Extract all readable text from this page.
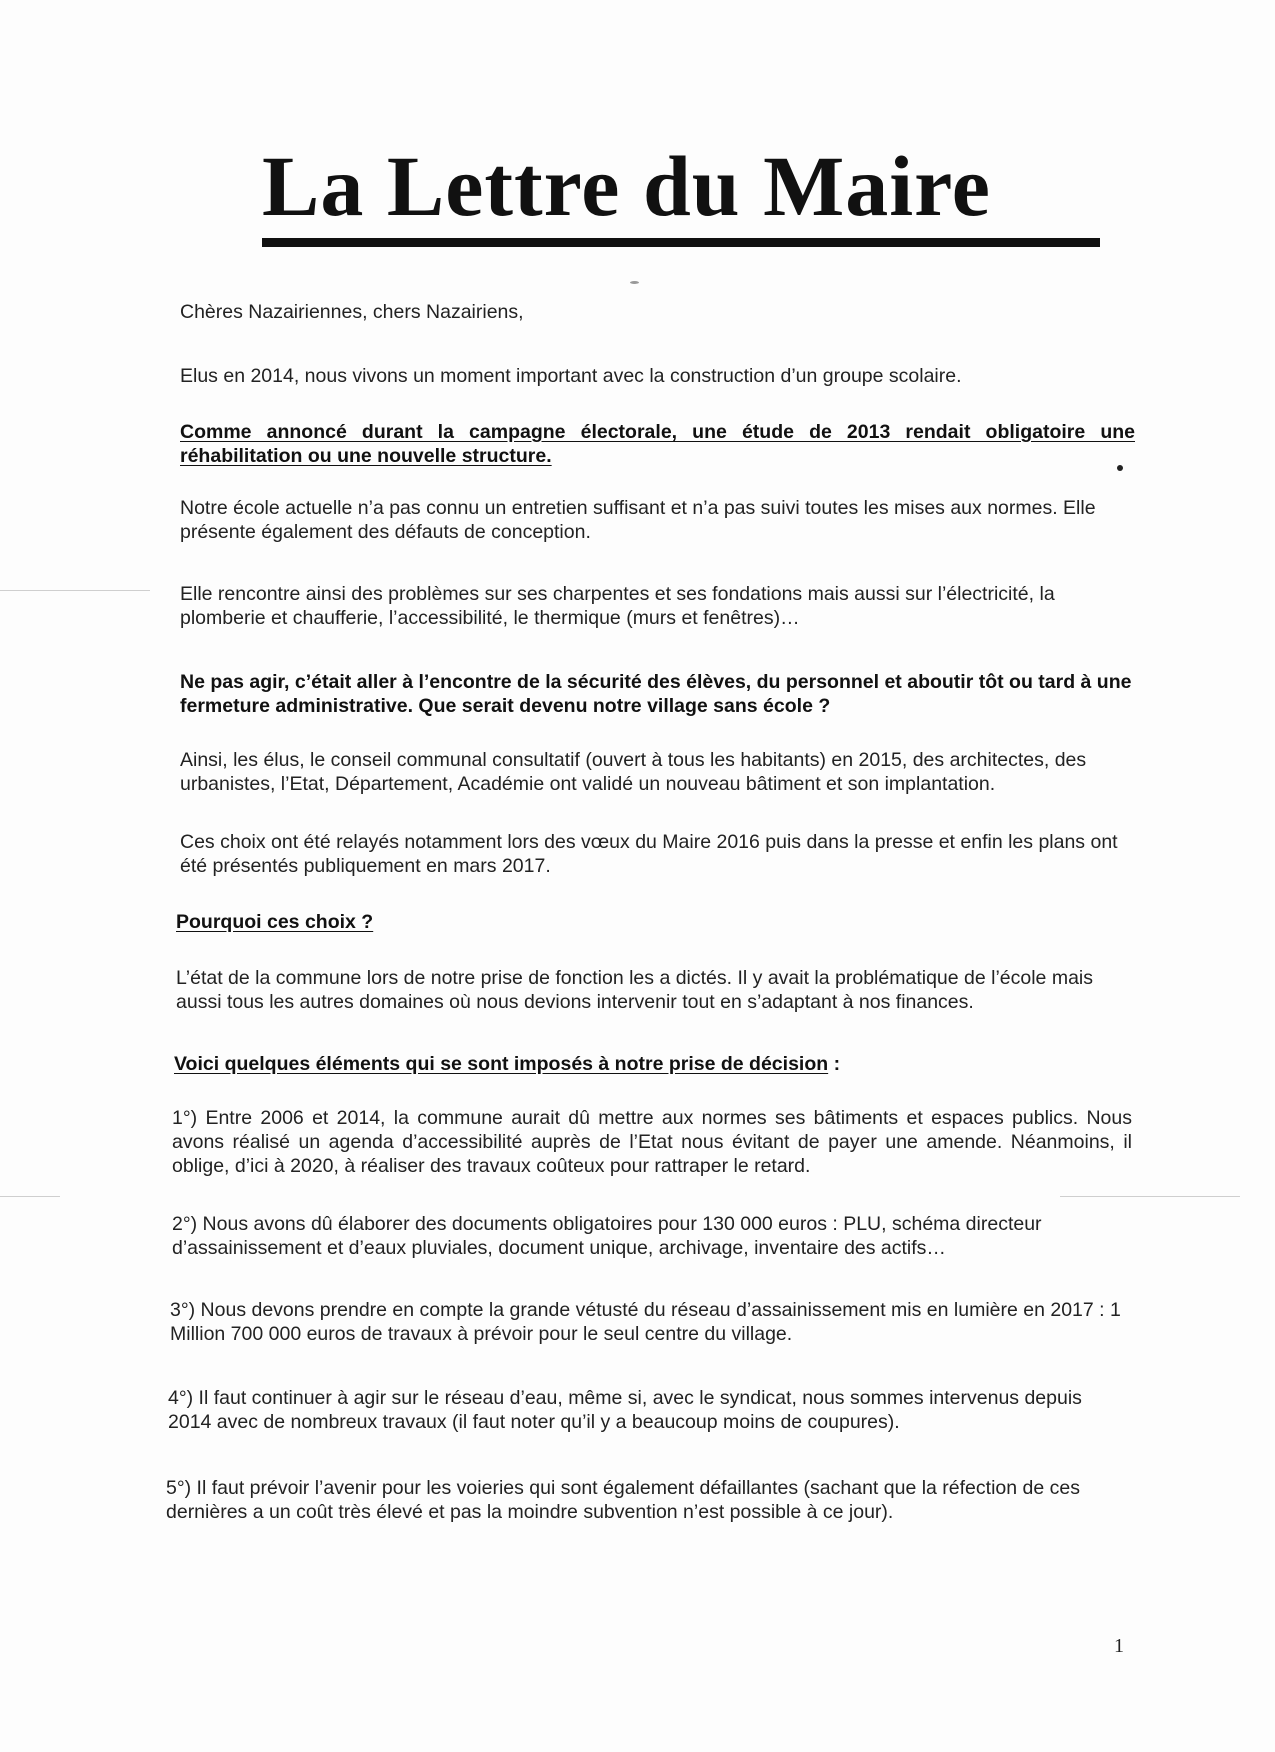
La Lettre du Maire

Chères Nazairiennes, chers Nazairiens,

Elus en 2014, nous vivons un moment important avec la construction d’un groupe scolaire.

Comme annoncé durant la campagne électorale, une étude de 2013 rendait obligatoire une réhabilitation ou une nouvelle structure.

Notre école actuelle n’a pas connu un entretien suffisant et n’a pas suivi toutes les mises aux normes. Elle présente également des défauts de conception.

Elle rencontre ainsi des problèmes sur ses charpentes et ses fondations mais aussi sur l’électricité, la plomberie et chaufferie, l’accessibilité, le thermique (murs et fenêtres)…

Ne pas agir, c’était aller à l’encontre de la sécurité des élèves, du personnel et aboutir tôt ou tard à une fermeture administrative. Que serait devenu notre village sans école ?

Ainsi, les élus, le conseil communal consultatif (ouvert à tous les habitants) en 2015, des architectes, des urbanistes, l’Etat, Département, Académie ont validé un nouveau bâtiment et son implantation.

Ces choix ont été relayés notamment lors des vœux du Maire 2016 puis dans la presse et enfin les plans ont été présentés publiquement en mars 2017.

Pourquoi ces choix ?

L’état de la commune lors de notre prise de fonction les a dictés. Il y avait la problématique de l’école mais aussi tous les autres domaines où nous devions intervenir tout en s’adaptant à nos finances.

Voici quelques éléments qui se sont imposés à notre prise de décision :

1°) Entre 2006 et 2014, la commune aurait dû mettre aux normes ses bâtiments et espaces publics. Nous avons réalisé un agenda d’accessibilité auprès de l’Etat nous évitant de payer une amende. Néanmoins, il oblige, d’ici à 2020, à réaliser des travaux coûteux pour rattraper le retard.

2°) Nous avons dû élaborer des documents obligatoires pour 130 000 euros : PLU, schéma directeur d’assainissement et d’eaux pluviales, document unique, archivage, inventaire des actifs…

3°) Nous devons prendre en compte la grande vétusté du réseau d’assainissement mis en lumière en 2017 : 1 Million 700 000 euros de travaux à prévoir pour le seul centre du village.

4°) Il faut continuer à agir sur le réseau d’eau, même si, avec le syndicat, nous sommes intervenus depuis 2014 avec de nombreux travaux (il faut noter qu’il y a beaucoup moins de coupures).

5°) Il faut prévoir l’avenir pour les voieries qui sont également défaillantes (sachant que la réfection de ces dernières a un coût très élevé et pas la moindre subvention n’est possible à ce jour).

1
